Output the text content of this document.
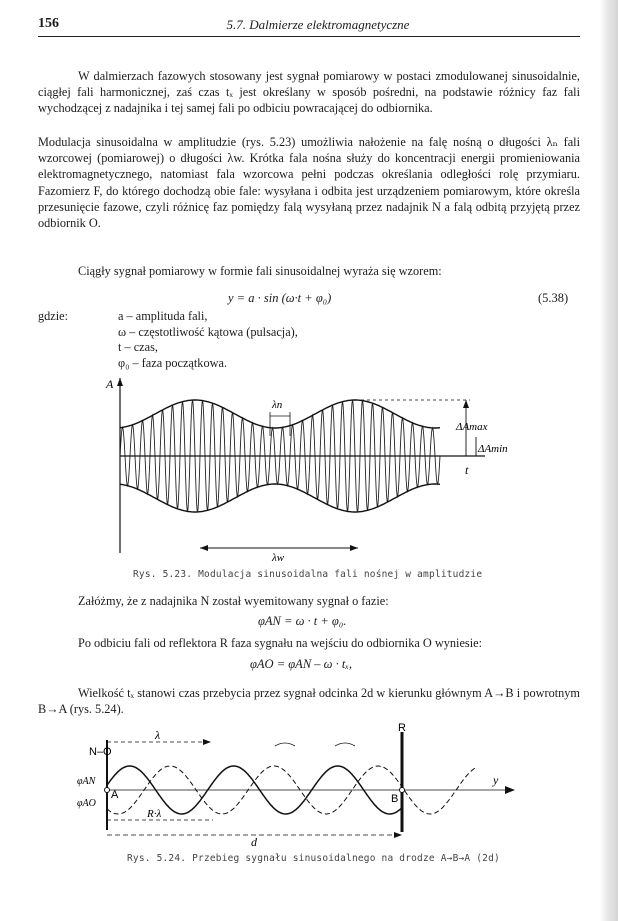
156	5.7. Dalmierze elektromagnetyczne

W dalmierzach fazowych stosowany jest sygnał pomiarowy w postaci zmodulowanej sinusoidalnie, ciągłej fali harmonicznej, zaś czas tₓ jest określany w sposób pośredni, na podstawie różnicy faz fali wychodzącej z nadajnika i tej samej fali po odbiciu powracającej do odbiornika.

Modulacja sinusoidalna w amplitudzie (rys. 5.23) umożliwia nałożenie na falę nośną o długości λₙ fali wzorcowej (pomiarowej) o długości λw. Krótka fala nośna służy do koncentracji energii promieniowania elektromagnetycznego, natomiast fala wzorcowa pełni podczas określania odległości rolę przymiaru. Fazomierz F, do którego dochodzą obie fale: wysyłana i odbita jest urządzeniem pomiarowym, które określa przesunięcie fazowe, czyli różnicę faz pomiędzy falą wysyłaną przez nadajnik N a falą odbitą przyjętą przez odbiornik O.

Ciągły sygnał pomiarowy w formie fali sinusoidalnej wyraża się wzorem:

y = a · sin (ω·t + φ₀)	(5.38)
gdzie:	a – amplituda fali,
ω – częstotliwość kątowa (pulsacja),
t – czas,
φ₀ – faza początkowa.
A
λn
ΔAmax
ΔAmin
t
λw
Rys. 5.23. Modulacja sinusoidalna fali nośnej w amplitudzie

Załóżmy, że z nadajnika N został wyemitowany sygnał o fazie:

φAN = ω · t + φ₀.

Po odbiciu fali od reflektora R faza sygnału na wejściu do odbiornika O wyniesie:

φAO = φAN – ω · tₓ,

Wielkość tₓ stanowi czas przebycia przez sygnał odcinka 2d w kierunku głównym A→B i powrotnym B→A (rys. 5.24).

R
N–O
λ
φAN
φAO
A	B
y
R·λ
d
Rys. 5.24. Przebieg sygnału sinusoidalnego na drodze A→B→A (2d)
